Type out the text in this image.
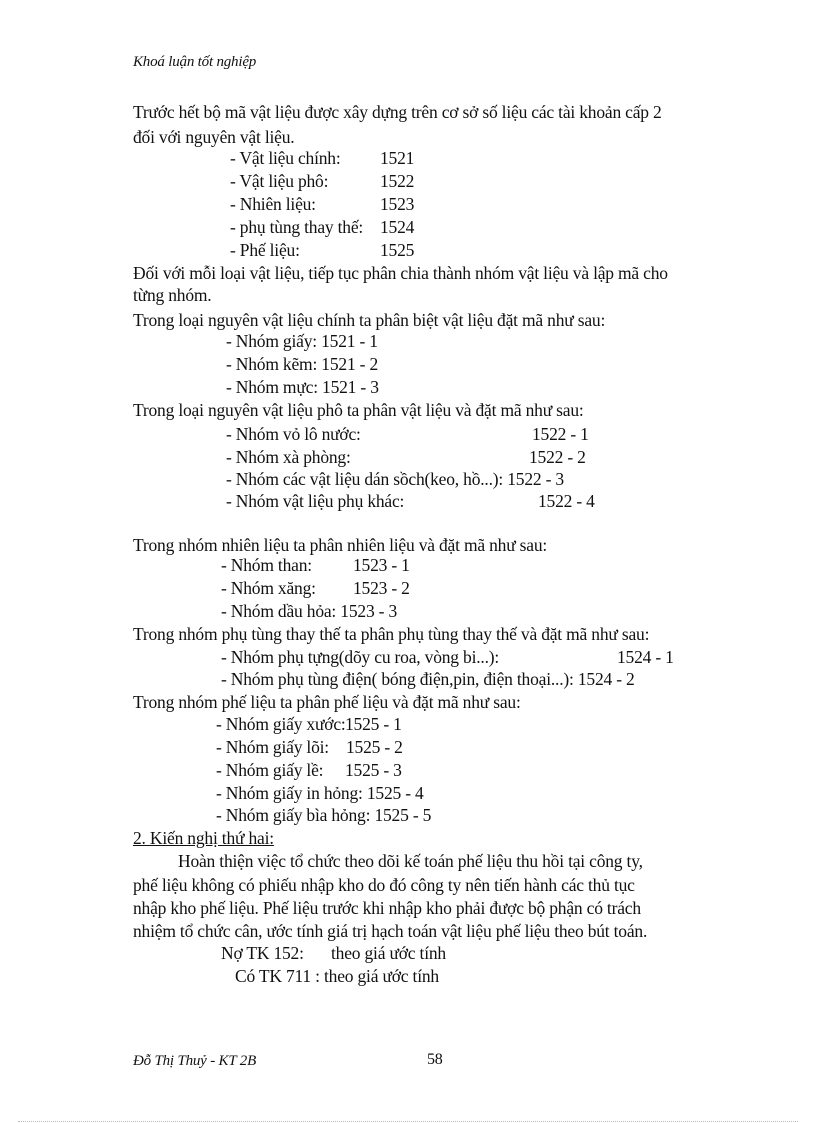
Khoá luận tốt nghiệp
Trước hết bộ mã vật liệu được xây dựng trên cơ sở số liệu các tài khoản cấp 2
đối với nguyên vật liệu.
- Vật liệu chính: 1521
- Vật liệu phô:	1522
- Nhiên liệu:	1523
- phụ tùng thay thế: 1524
- Phế liệu:	1525
Đối với mỗi loại vật liệu, tiếp tục phân chia thành nhóm vật liệu và lập mã cho
từng nhóm.
Trong loại nguyên vật liệu chính ta phân biệt vật liệu đặt mã như sau:
- Nhóm giấy: 1521 - 1
- Nhóm kẽm: 1521 - 2
- Nhóm mực: 1521 - 3
Trong loại nguyên vật liệu phô ta phân vật liệu và đặt mã như sau:
- Nhóm vỏ lô nước:	1522 - 1
- Nhóm xà phòng:	1522 - 2
- Nhóm các vật liệu dán sồch(keo, hồ...): 1522 - 3
- Nhóm vật liệu phụ khác:	1522 - 4
Trong nhóm nhiên liệu ta phân nhiên liệu và đặt mã như sau:
- Nhóm than: 1523 - 1
- Nhóm xăng: 1523 - 2
- Nhóm dầu hỏa: 1523 - 3
Trong nhóm phụ tùng thay thế ta phân phụ tùng thay thế và đặt mã như sau:
- Nhóm phụ tựng(dõy cu roa, vòng bi...):	1524 - 1
- Nhóm phụ tùng điện( bóng điện,pin, điện thoại...): 1524 - 2
Trong nhóm phế liệu ta phân phế liệu và đặt mã như sau:
- Nhóm giấy xước: 1525 - 1
- Nhóm giấy lõi: 1525 - 2
- Nhóm giấy lề: 1525 - 3
- Nhóm giấy in hỏng: 1525 - 4
- Nhóm giấy bìa hỏng: 1525 - 5
2. Kiến nghị thứ hai:
Hoàn thiện việc tổ chức theo dõi kế toán phế liệu thu hồi tại công ty,
phế liệu không có phiếu nhập kho do đó công ty nên tiến hành các thủ tục
nhập kho phế liệu. Phế liệu trước khi nhập kho phải được bộ phận có trách
nhiệm tổ chức cân, ước tính giá trị hạch toán vật liệu phế liệu theo bút toán.
Nợ TK 152: theo giá ước tính
Có TK 711 : theo giá ước tính
Đỗ Thị Thuỷ - KT 2B	58
